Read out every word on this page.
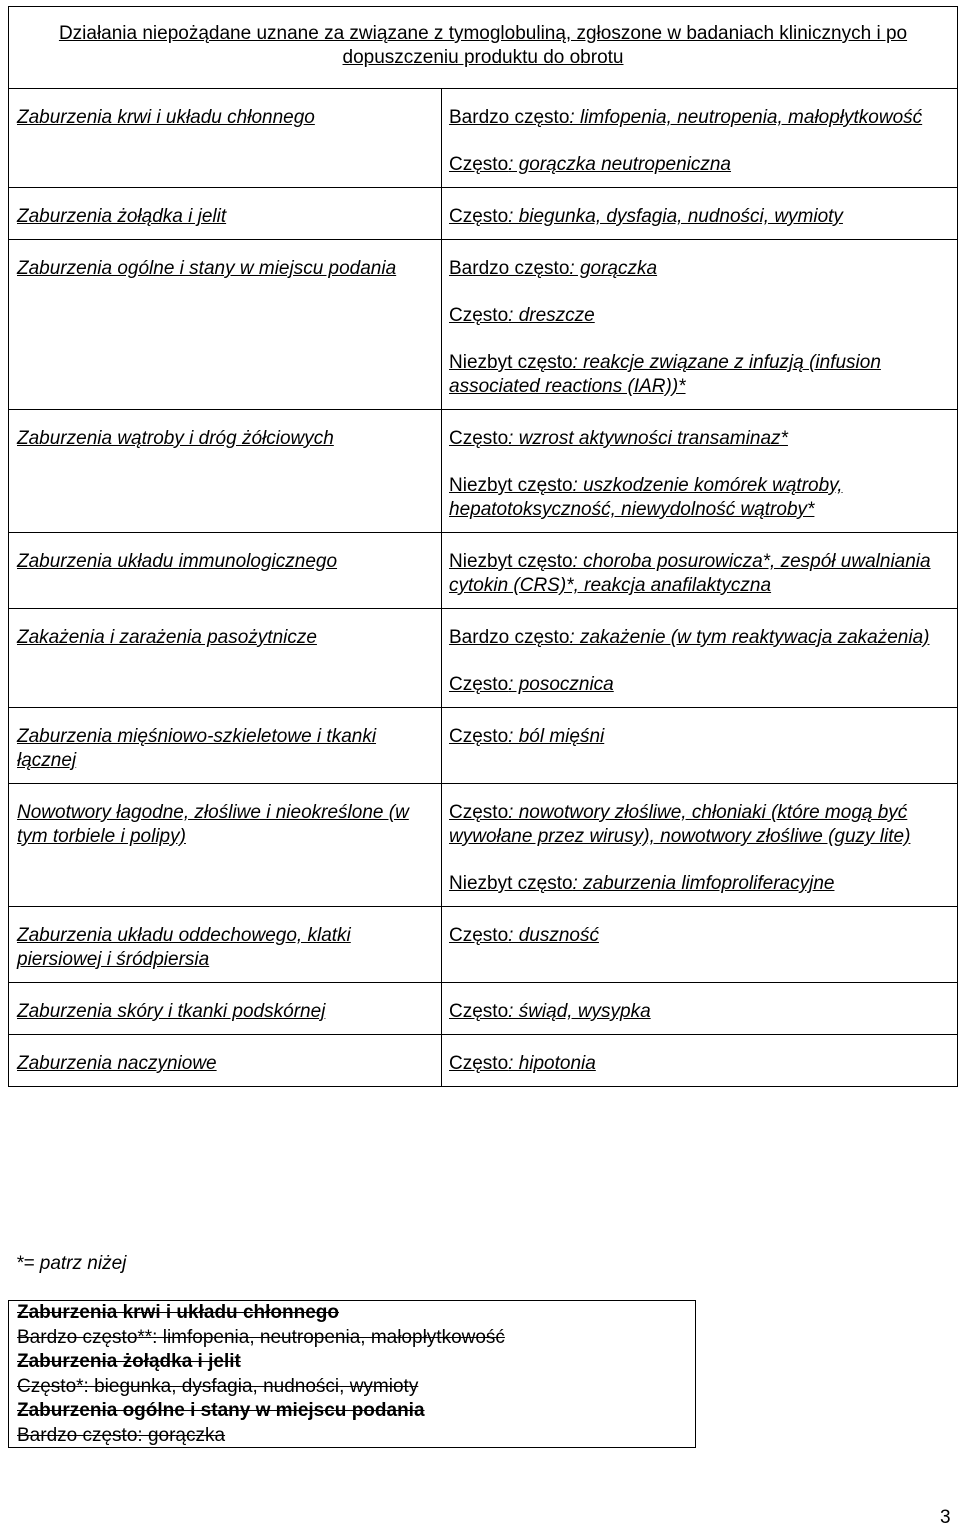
Działania niepożądane uznane za związane z tymoglobuliną, zgłoszone w badaniach klinicznych i po dopuszczeniu produktu do obrotu	
Zaburzenia krwi i układu chłonnego	Bardzo często: limfopenia, neutropenia, małopłytkowość
Często: gorączka neutropeniczna

Zaburzenia żołądka i jelit	Często: biegunka, dysfagia, nudności, wymioty

Zaburzenia ogólne i stany w miejscu podania	Bardzo często: gorączka
Często: dreszcze
Niezbyt często: reakcje związane z infuzją (infusion associated reactions (IAR))*

Zaburzenia wątroby i dróg żółciowych	Często: wzrost aktywności transaminaz*
Niezbyt często: uszkodzenie komórek wątroby, hepatotoksyczność, niewydolność wątroby*

Zaburzenia układu immunologicznego	Niezbyt często: choroba posurowicza*, zespół uwalniania cytokin (CRS)*, reakcja anafilaktyczna

Zakażenia i zarażenia pasożytnicze	Bardzo często: zakażenie (w tym reaktywacja zakażenia)
Często: posocznica

Zaburzenia mięśniowo-szkieletowe i tkanki łącznej	Często: ból mięśni

Nowotwory łagodne, złośliwe i nieokreślone (w tym torbiele i polipy)	Często: nowotwory złośliwe, chłoniaki (które mogą być wywołane przez wirusy), nowotwory złośliwe (guzy lite)
Niezbyt często: zaburzenia limfoproliferacyjne

Zaburzenia układu oddechowego, klatki piersiowej i śródpiersia	Często: duszność

Zaburzenia skóry i tkanki podskórnej	Często: świąd, wysypka

Zaburzenia naczyniowe	Często: hipotonia
*= patrz niżej
Zaburzenia krwi i układu chłonnego
Bardzo często**: limfopenia, neutropenia, małopłytkowość
Zaburzenia żołądka i jelit
Często*: biegunka, dysfagia, nudności, wymioty
Zaburzenia ogólne i stany w miejscu podania
Bardzo często: gorączka
3
